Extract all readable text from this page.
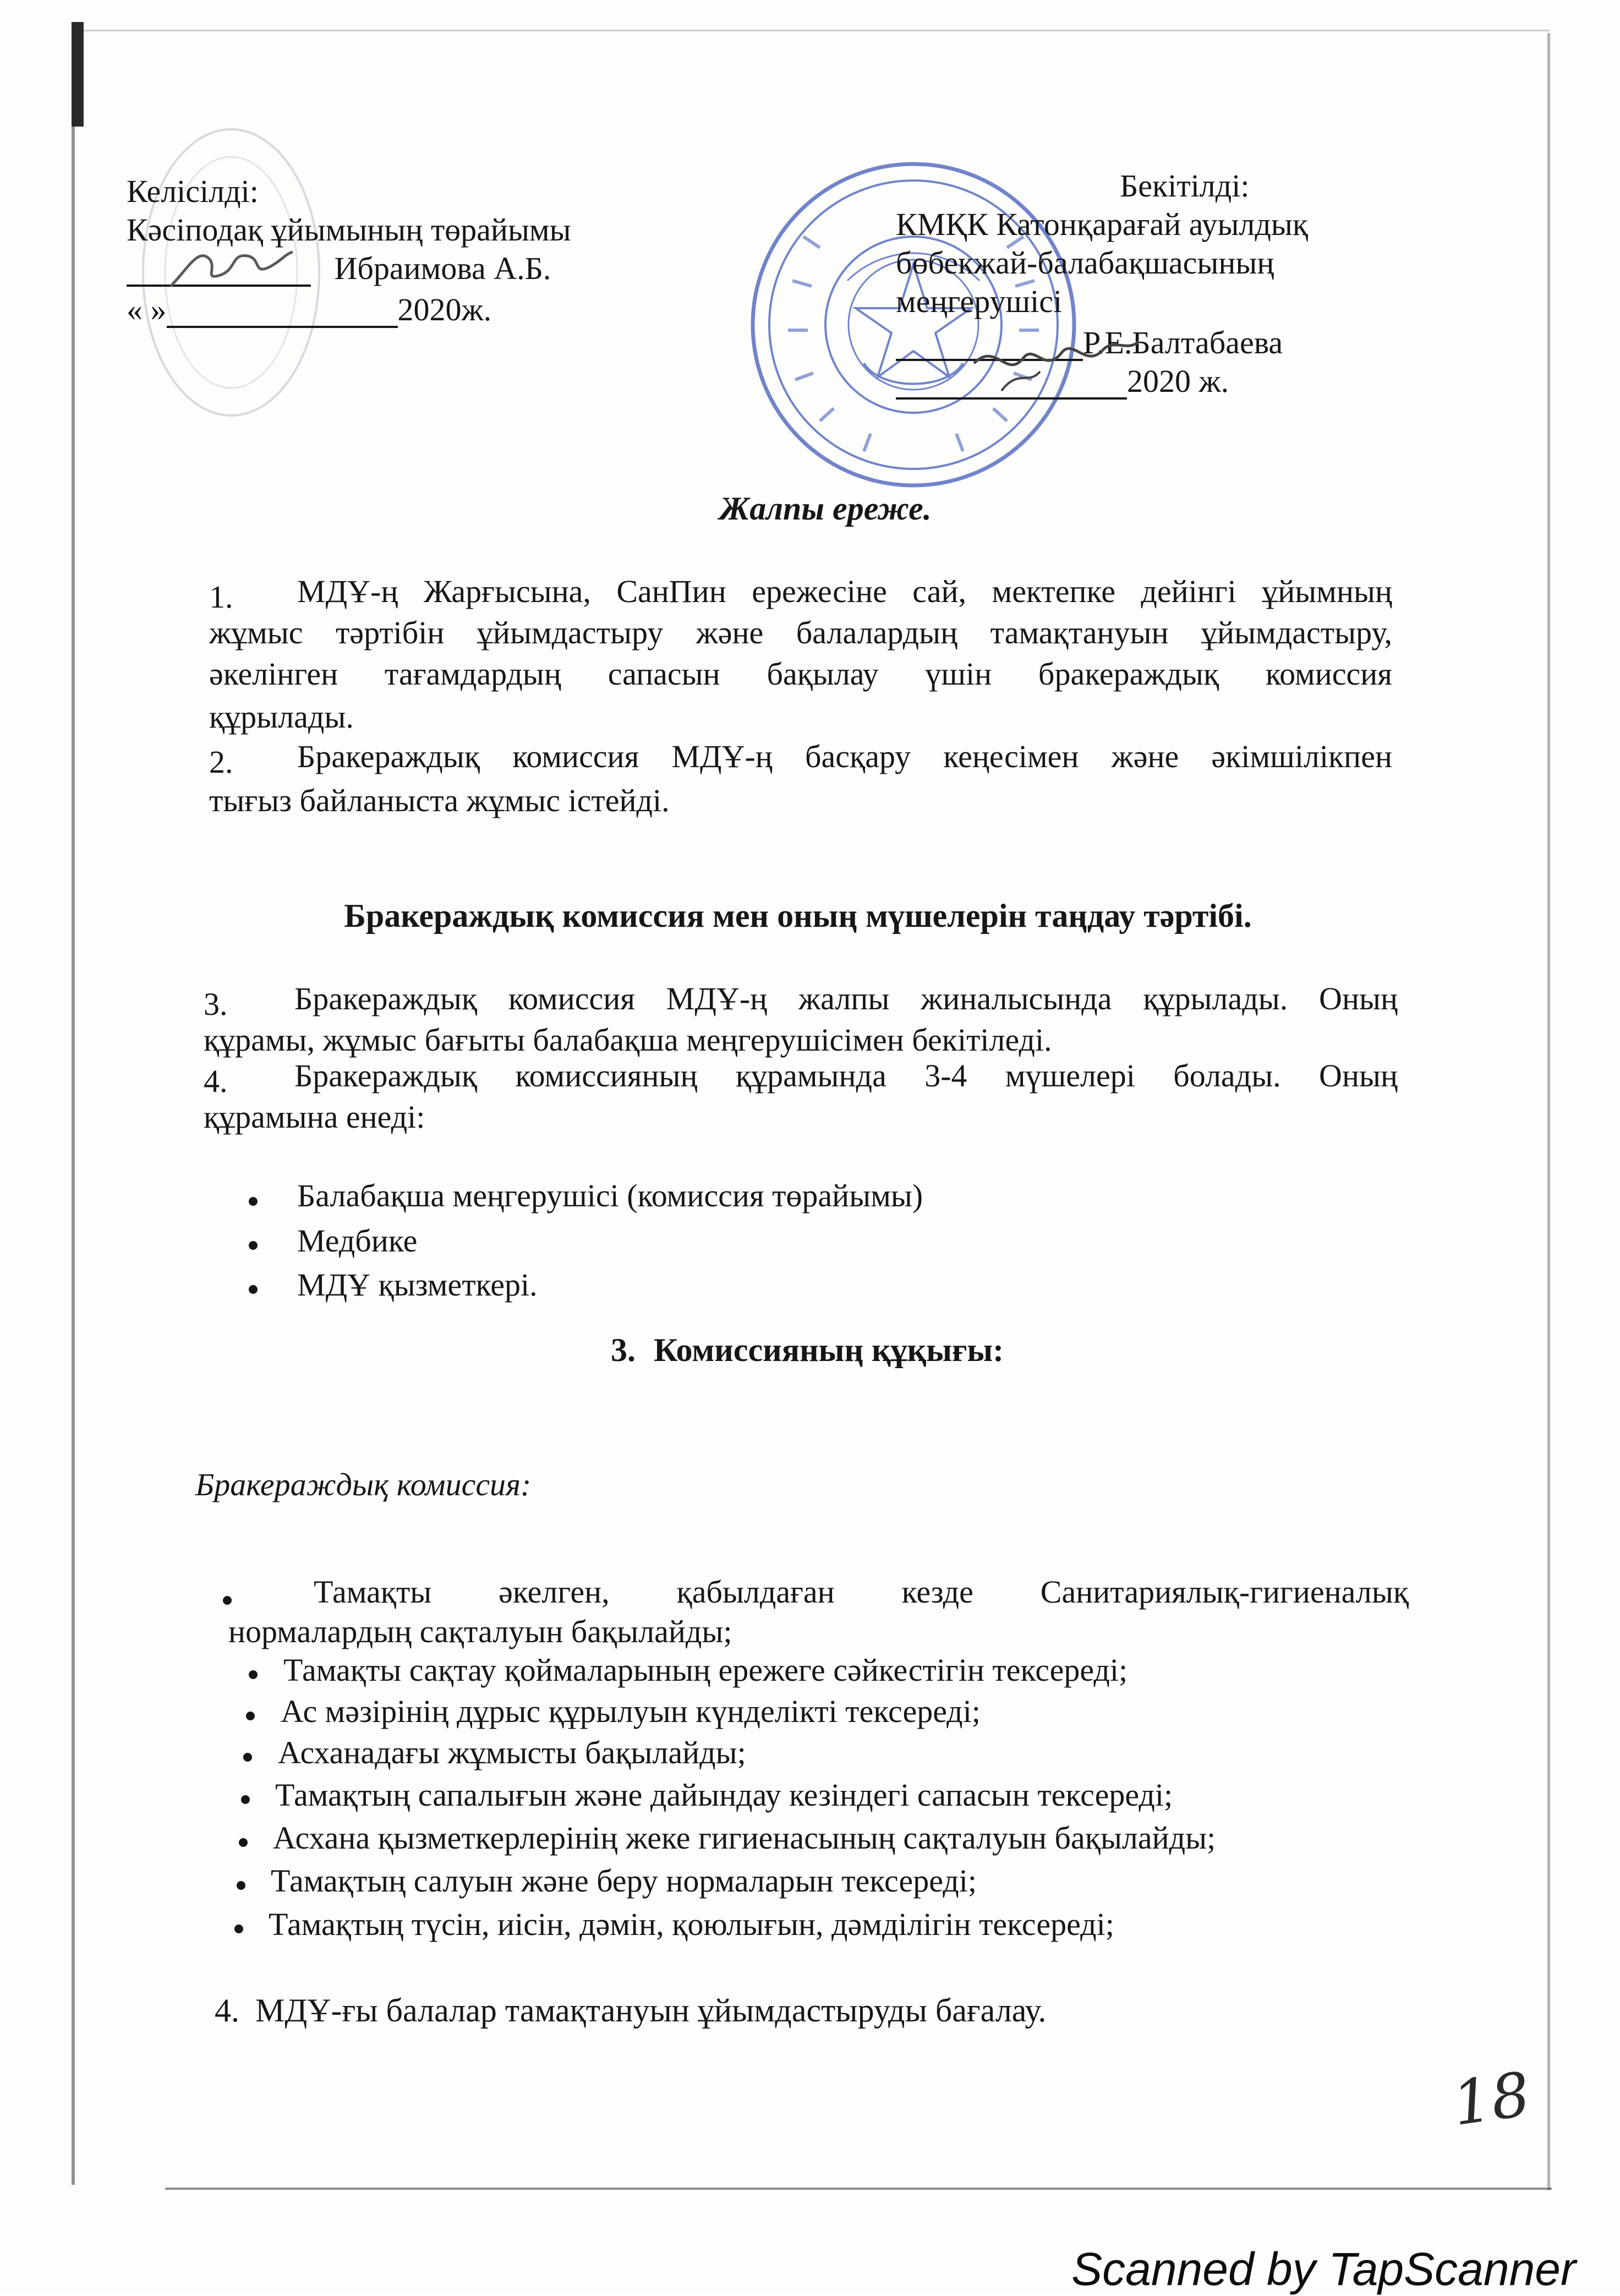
Келісілді:
Кәсіподақ ұйымының төрайымы
Ибраимова А.Б.
« »	2020ж.
Бекітілді:
КМҚК Катонқарағай ауылдық
бөбекжай-балабақшасының
меңгерушісі
Р.Е.Балтабаева
2020 ж.
Жалпы ереже.
1. МДҰ-ң Жарғысына, СанПин ережесіне сай, мектепке дейінгі ұйымның
жұмыс тәртібін ұйымдастыру және балалардың тамақтануын ұйымдастыру,
әкелінген тағамдардың сапасын бақылау үшін бракераждық комиссия
құрылады.
2. Бракераждық комиссия МДҰ-ң басқару кеңесімен және әкімшілікпен
тығыз байланыста жұмыс істейді.
Бракераждық комиссия мен оның мүшелерін таңдау тәртібі.
3. Бракераждық комиссия МДҰ-ң жалпы жиналысында құрылады. Оның
құрамы, жұмыс бағыты балабақша меңгерушісімен бекітіледі.
4. Бракераждық комиссияның құрамында 3-4 мүшелері болады. Оның
құрамына енеді:
Балабақша меңгерушісі (комиссия төрайымы)
Медбике
МДҰ қызметкері.
3. Комиссияның құқығы:
Бракераждық комиссия:
Тамақты әкелген, қабылдаған кезде Санитариялық-гигиеналық
нормалардың сақталуын бақылайды;
Тамақты сақтау қоймаларының ережеге сәйкестігін тексереді;
Ас мәзірінің дұрыс құрылуын күнделікті тексереді;
Асханадағы жұмысты бақылайды;
Тамақтың сапалығын және дайындау кезіндегі сапасын тексереді;
Асхана қызметкерлерінің жеке гигиенасының сақталуын бақылайды;
Тамақтың салуын және беру нормаларын тексереді;
Тамақтың түсін, иісін, дәмін, қоюлығын, дәмділігін тексереді;
4. МДҰ-ғы балалар тамақтануын ұйымдастыруды бағалау.
18
Scanned by TapScanner
